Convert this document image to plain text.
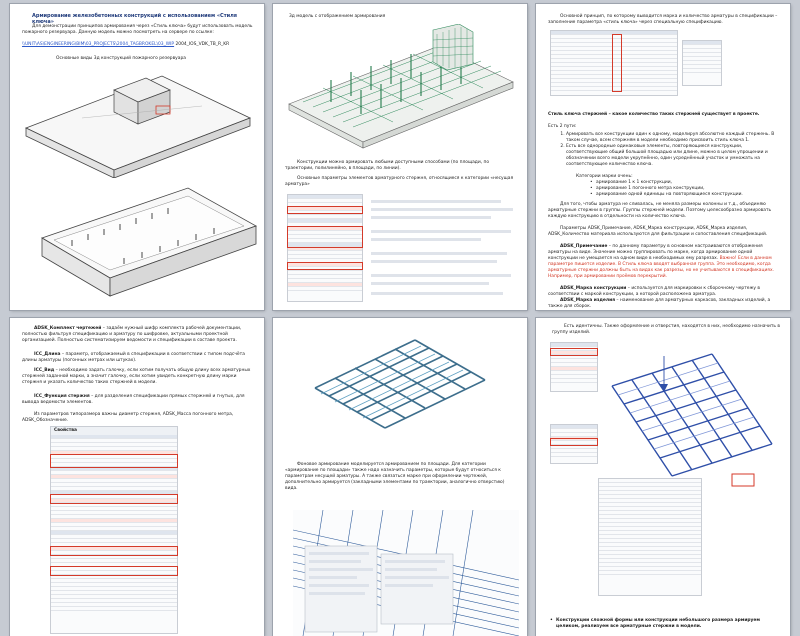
Армирование железобетонных конструкций с использованием «Стиля ключа»
Для демонстрации принципов армирования через «Стиль ключа» будут использовать модель пожарного резервуара. Данную модель можно посмотреть на сервере по ссылке:
\\UNIT\AS\ENGINEERING\BIM\03_PROJECTS\2004_TAGBROKEL\03_WIP 2004_IOS_VDK_TB_R_KR
Основные виды 3д конструкций пожарного резервуара
3д модель с отображением армирования
Конструкции можно армировать любыми доступными способами (по площади, по траектории, полилинейно, в площади, по линии).
Основные параметры элементов арматурного стержня, относящиеся к категории «несущая арматура»
Основной принцип, по которому выводится марка и количество арматуры в спецификации – заполнение параметра «стиль ключа» через специальную спецификацию.
Стиль ключа стержней – какое количество таких стержней существует в проекте.
Есть 2 пути:
1. Армировать все конструкции один к одному, моделируя абсолютно каждый стержень. В таком случае, всем стержням в модели необходимо присвоить стиль ключа 1.
2. Есть все однородные одинаковые элементы, повторяющиеся конструкции, соответствующие общий большой площадью или длине, можно в целом упрощении и обозначении всего модели укрупнённо, один усреднённый участок и умножать на соответствующее количество ключа.
Категории марки очень:
• армирование 1 к 1 конструкции,
• армирование 1 погонного метра конструкции,
• армирование одной единицы на повторяющиеся конструкции.
Для того, чтобы арматура не сливалась, не меняла размеры колонны и т.д., объединяю арматурные стержни в группы. Группы стержней модели. Поэтому целесообразно армировать каждую конструкцию в отдельности на количество ключа.
Параметры ADSK_Примечание, ADSK_Марка конструкции, ADSK_Марка изделия, ADSK_Количество материала используются для фильтрации и сопоставления спецификаций.
ADSK_Примечание – по данному параметру в основном настраиваются отображения арматуры на виде. Значение можно группировать по марке, когда армирование одной конструкции не умещается на одном виде в необходимых ему разрезах. Важно! Если в данном параметре пишется изделие. В Стиль ключа вводят выбранная группа. Это необходимо, когда арматурные стержни должны быть на видах как разрезы, но не учитываются в спецификациях. Например, при армировании проёмов перекрытий.
ADSK_Марка конструкции – используется для маркировки к сборочному чертежу в соответствии с маркой конструкции, а которой расположена арматура.
ADSK_Марка изделия – наименование для арматурных каркасов, закладных изделий, а также для сборок.
ADSK_Комплект чертежей – задаём нужный шифр комплекта рабочей документации, полностью фильтруя спецификацию и арматуру по шифровке, актуальными проектной организацией. Полностью систематизируем ведомости и спецификации в составе проекта.
ICC_Длина – параметр, отображаемый в спецификации в соответствии с типом подсчёта длины арматуры (погонных метрах или штуках).
ICC_Вид – необходимо задать галочку, если хотим получать общую длину всех арматурных стержней заданной марки, а значит галочку, если хотим увидеть конкретную длину марки стержня и указать количество таких стержней в модели.
ICC_Функция стержня – для разделения спецификации прямых стержней и гнутых, для вывода ведомости элементов.
Из параметров типоразмера важны диаметр стержня, ADSK_Масса погонного метра, ADSK_Обозначение.
Свойства
Фоновое армирование моделируется армированием по площади. Для категории «армирование по площади» также надо назначить параметры, которые будут относиться к параметрам несущей арматуры. А также связаться марке при оформлении чертежей, дополнительно армируется (закладными элементами по траектории, аналогично отверстию) вида.
Есть идентичны. Также оформление и отверстия, находятся в них, необходимо назначить в группу изделий.
• Конструкции сложной формы или конструкции небольшого размера армируем целиком, реализуем все арматурные стержни в модели.
